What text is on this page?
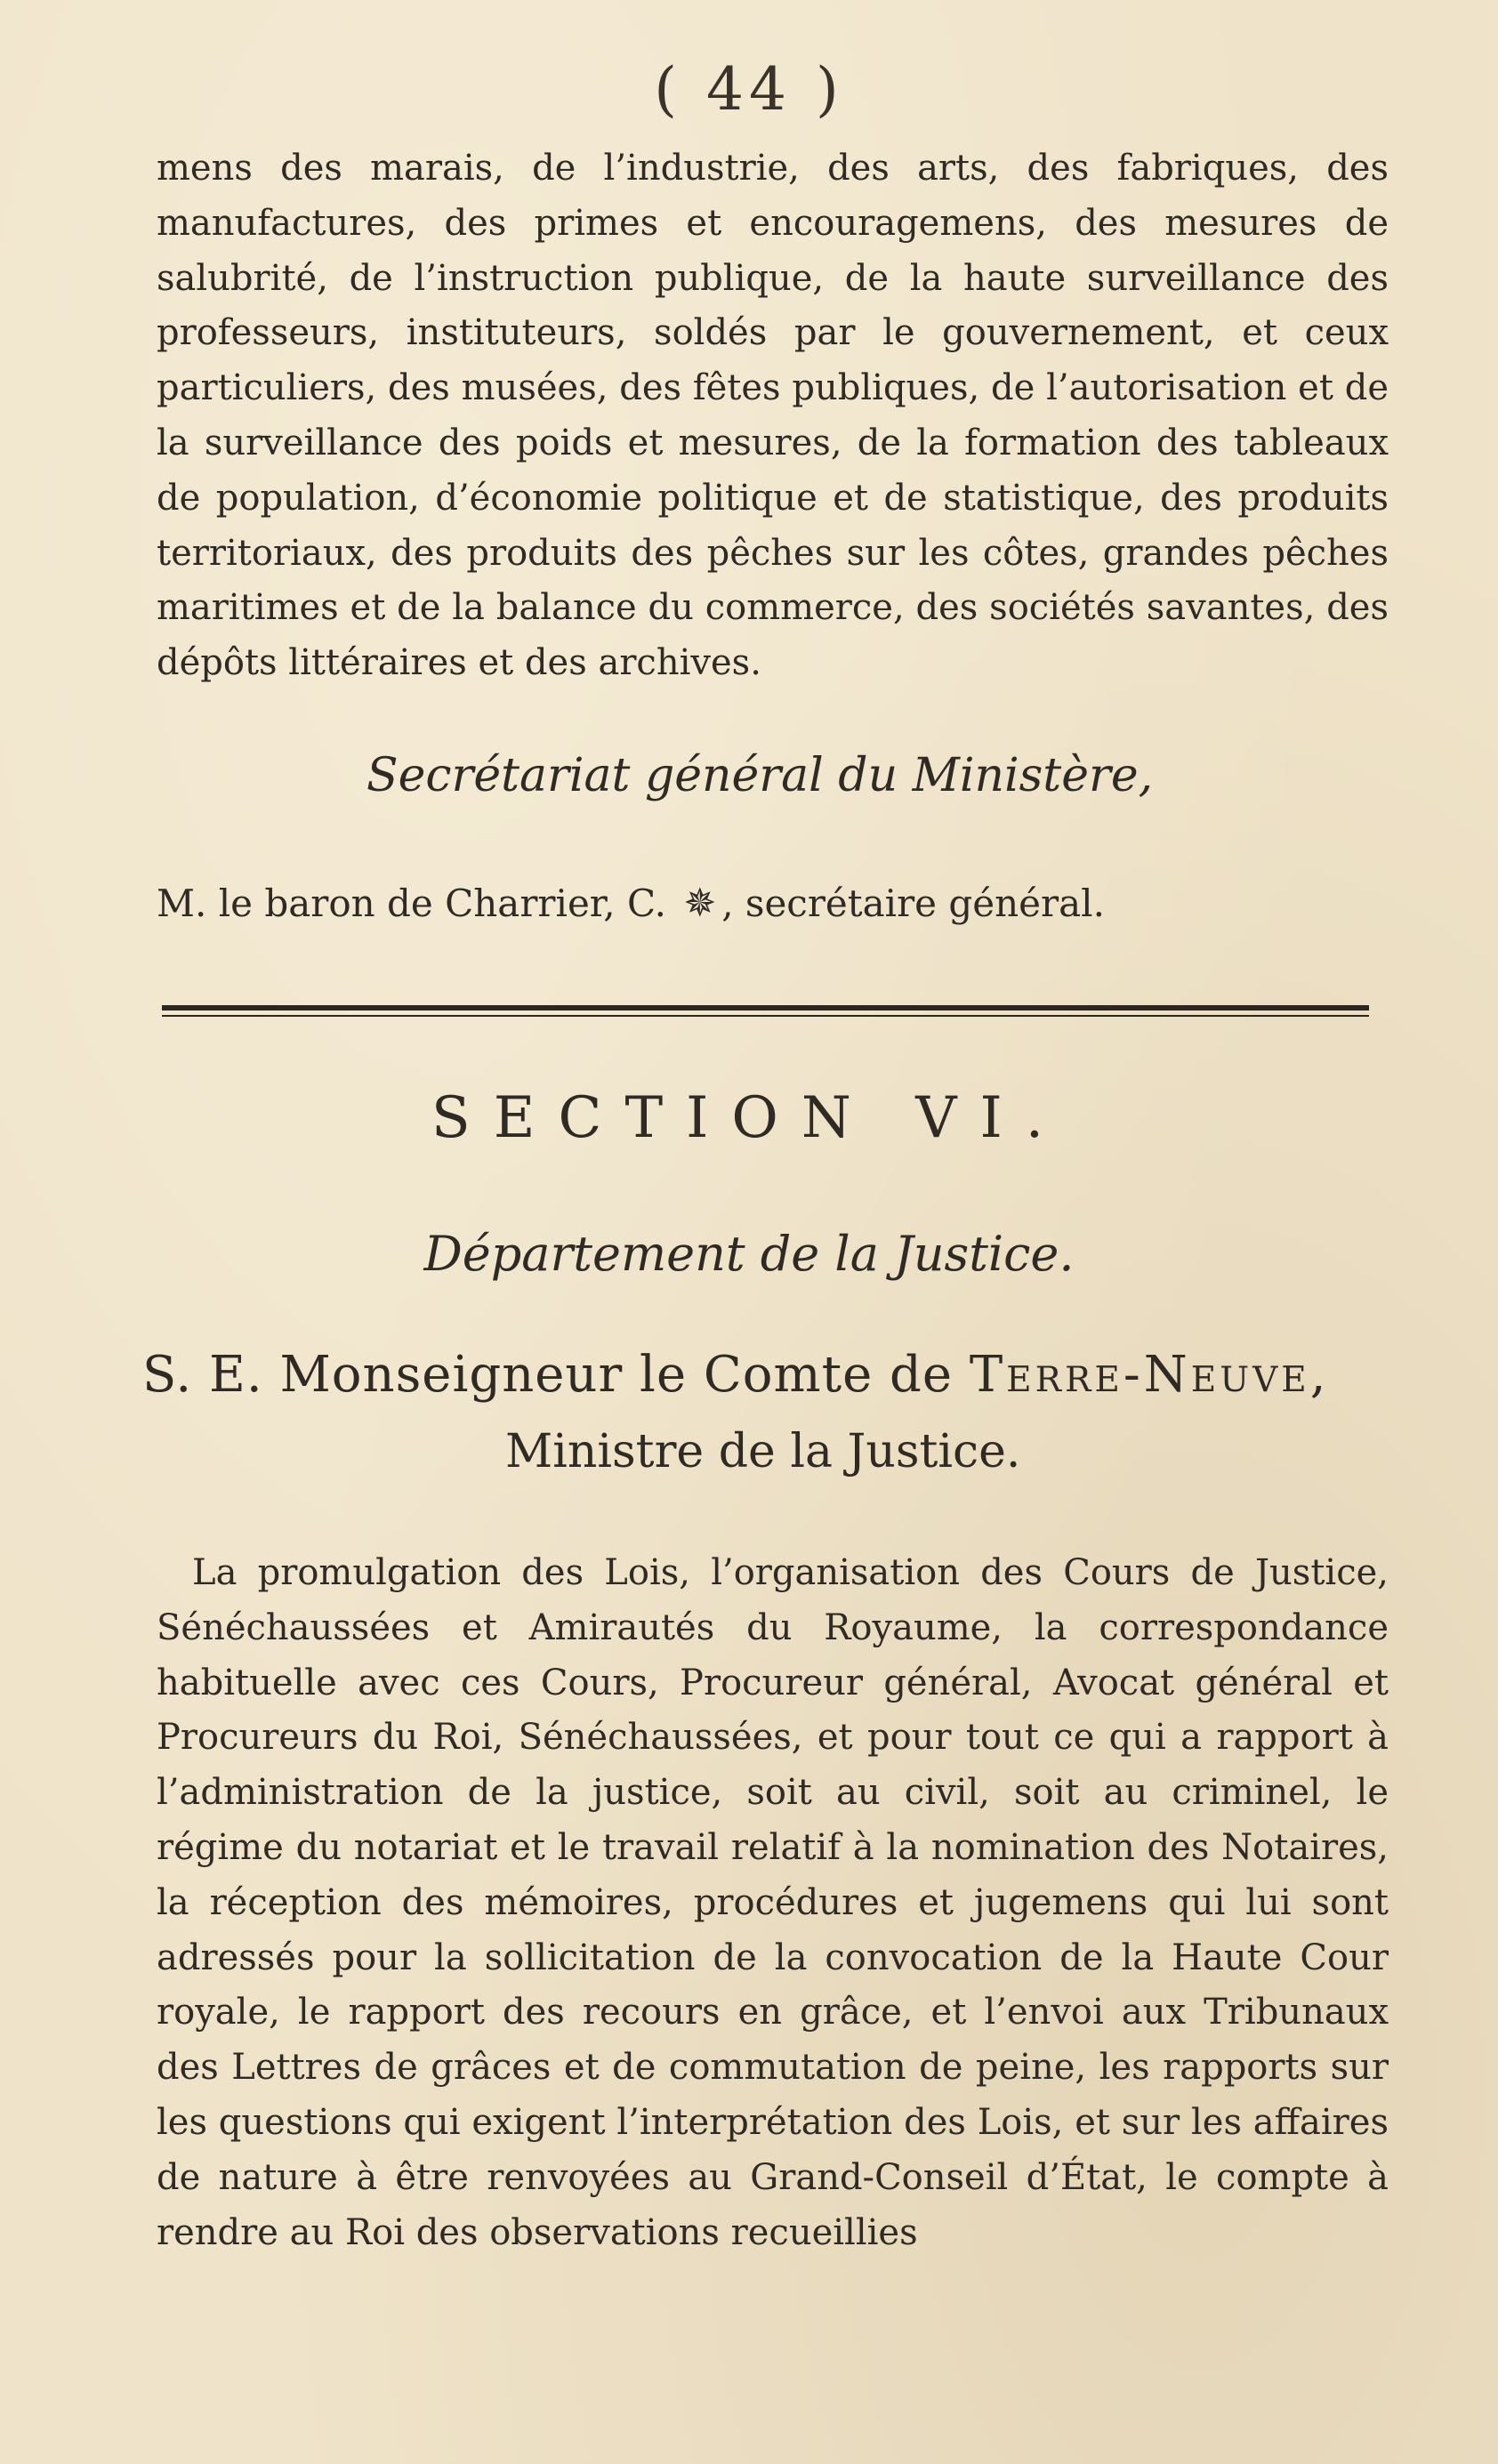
( 44 )

mens des marais, de l’industrie, des arts, des fabriques, des manufactures, des primes et encouragemens, des mesures de salubrité, de l’instruction publique, de la haute surveillance des professeurs, instituteurs, soldés par le gouvernement, et ceux particuliers, des musées, des fêtes publiques, de l’autorisation et de la surveillance des poids et mesures, de la formation des tableaux de population, d’économie politique et de statistique, des produits territoriaux, des produits des pêches sur les côtes, grandes pêches maritimes et de la balance du commerce, des sociétés savantes, des dépôts littéraires et des archives.

Secrétariat général du Ministère,
M. le baron de Charrier, C. ✵ , secrétaire général.
SECTION VI.
Département de la Justice.
S. E. Monseigneur le Comte de Terre-Neuve,
Ministre de la Justice.

La promulgation des Lois, l’organisation des Cours de Justice, Sénéchaussées et Amirautés du Royaume, la correspondance habituelle avec ces Cours, Procureur général, Avocat général et Procureurs du Roi, Sénéchaussées, et pour tout ce qui a rapport à l’administration de la justice, soit au civil, soit au criminel, le régime du notariat et le travail relatif à la nomination des Notaires, la réception des mémoires, procédures et jugemens qui lui sont adressés pour la sollicitation de la convocation de la Haute Cour royale, le rapport des recours en grâce, et l’envoi aux Tribunaux des Lettres de grâces et de commutation de peine, les rapports sur les questions qui exigent l’interprétation des Lois, et sur les affaires de nature à être renvoyées au Grand-Conseil d’État, le compte à rendre au Roi des observations recueillies
